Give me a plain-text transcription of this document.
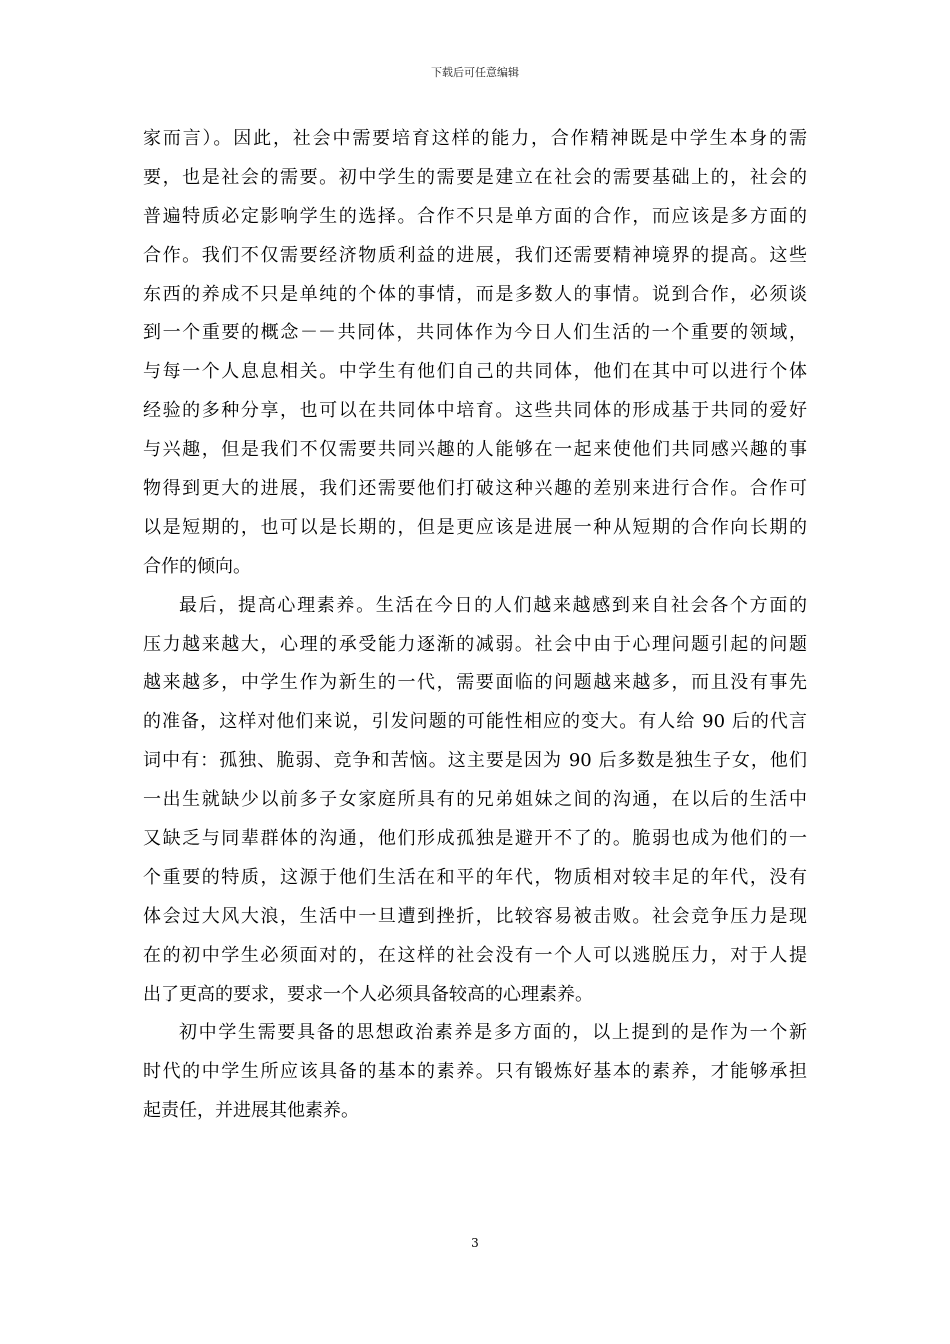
下载后可任意编辑
家而言）。因此，社会中需要培育这样的能力，合作精神既是中学生本身的需
要，也是社会的需要。初中学生的需要是建立在社会的需要基础上的，社会的
普遍特质必定影响学生的选择。合作不只是单方面的合作，而应该是多方面的
合作。我们不仅需要经济物质利益的进展，我们还需要精神境界的提高。这些
东西的养成不只是单纯的个体的事情，而是多数人的事情。说到合作，必须谈
到一个重要的概念－－共同体，共同体作为今日人们生活的一个重要的领域，
与每一个人息息相关。中学生有他们自己的共同体，他们在其中可以进行个体
经验的多种分享，也可以在共同体中培育。这些共同体的形成基于共同的爱好
与兴趣，但是我们不仅需要共同兴趣的人能够在一起来使他们共同感兴趣的事
物得到更大的进展，我们还需要他们打破这种兴趣的差别来进行合作。合作可
以是短期的，也可以是长期的，但是更应该是进展一种从短期的合作向长期的
合作的倾向。
最后，提高心理素养。生活在今日的人们越来越感到来自社会各个方面的
压力越来越大，心理的承受能力逐渐的减弱。社会中由于心理问题引起的问题
越来越多，中学生作为新生的一代，需要面临的问题越来越多，而且没有事先
的准备，这样对他们来说，引发问题的可能性相应的变大。有人给 90 后的代言
词中有：孤独、脆弱、竞争和苦恼。这主要是因为 90 后多数是独生子女，他们
一出生就缺少以前多子女家庭所具有的兄弟姐妹之间的沟通，在以后的生活中
又缺乏与同辈群体的沟通，他们形成孤独是避开不了的。脆弱也成为他们的一
个重要的特质，这源于他们生活在和平的年代，物质相对较丰足的年代，没有
体会过大风大浪，生活中一旦遭到挫折，比较容易被击败。社会竞争压力是现
在的初中学生必须面对的，在这样的社会没有一个人可以逃脱压力，对于人提
出了更高的要求，要求一个人必须具备较高的心理素养。
初中学生需要具备的思想政治素养是多方面的，以上提到的是作为一个新
时代的中学生所应该具备的基本的素养。只有锻炼好基本的素养，才能够承担
起责任，并进展其他素养。
3
